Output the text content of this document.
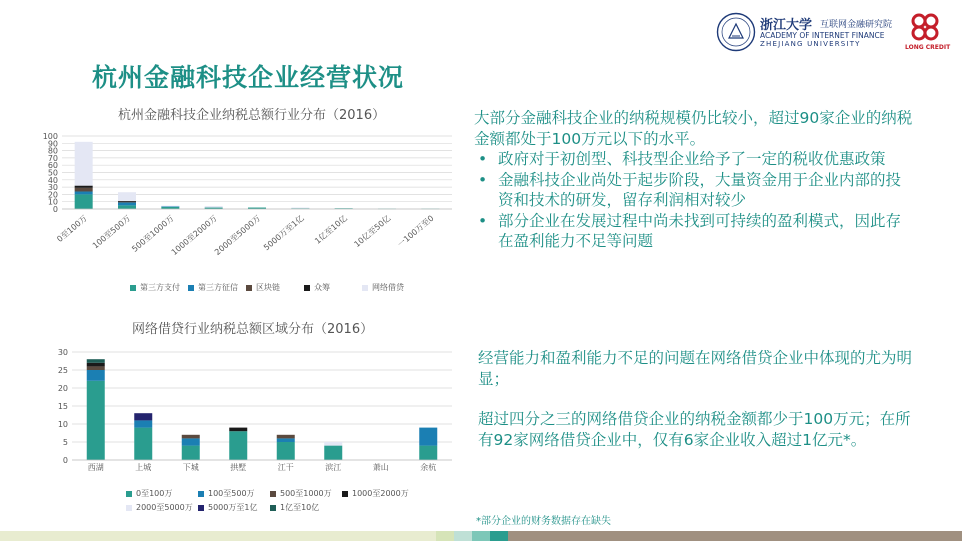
杭州金融科技企业经营状况
浙江大学 互联网金融研究院
ACADEMY OF INTERNET FINANCE
ZHEJIANG UNIVERSITY	LONG CREDIT
杭州金融科技企业纳税总额行业分布（2016）
0
10
20
30
40
50
60
70
80
90
100
0至100万 100至500万
500至1000万
1000至2000万
2000至5000万 5000万至1亿 1亿至10亿 10亿至50亿 一100万至0
第三方支付 第三方征信 区块链	众筹	网络借贷
网络借贷行业纳税总额区域分布（2016）
0
5
10
15
20
25
30
西湖	上城	下城	拱墅	江干	滨江	萧山	余杭
0至100万	100至500万	500至1000万	1000至2000万
2000至5000万 5000万至1亿	1亿至10亿
大部分金融科技企业的纳税规模仍比较小，超过90家企业的纳税金额都处于100万元以下的水平。
• 政府对于初创型、科技型企业给予了一定的税收优惠政策
• 金融科技企业尚处于起步阶段，大量资金用于企业内部的投资和技术的研发，留存利润相对较少
• 部分企业在发展过程中尚未找到可持续的盈利模式，因此存在盈利能力不足等问题
经营能力和盈利能力不足的问题在网络借贷企业中体现的尤为明显；
超过四分之三的网络借贷企业的纳税金额都少于100万元；在所有92家网络借贷企业中，仅有6家企业收入超过1亿元*。
*部分企业的财务数据存在缺失
